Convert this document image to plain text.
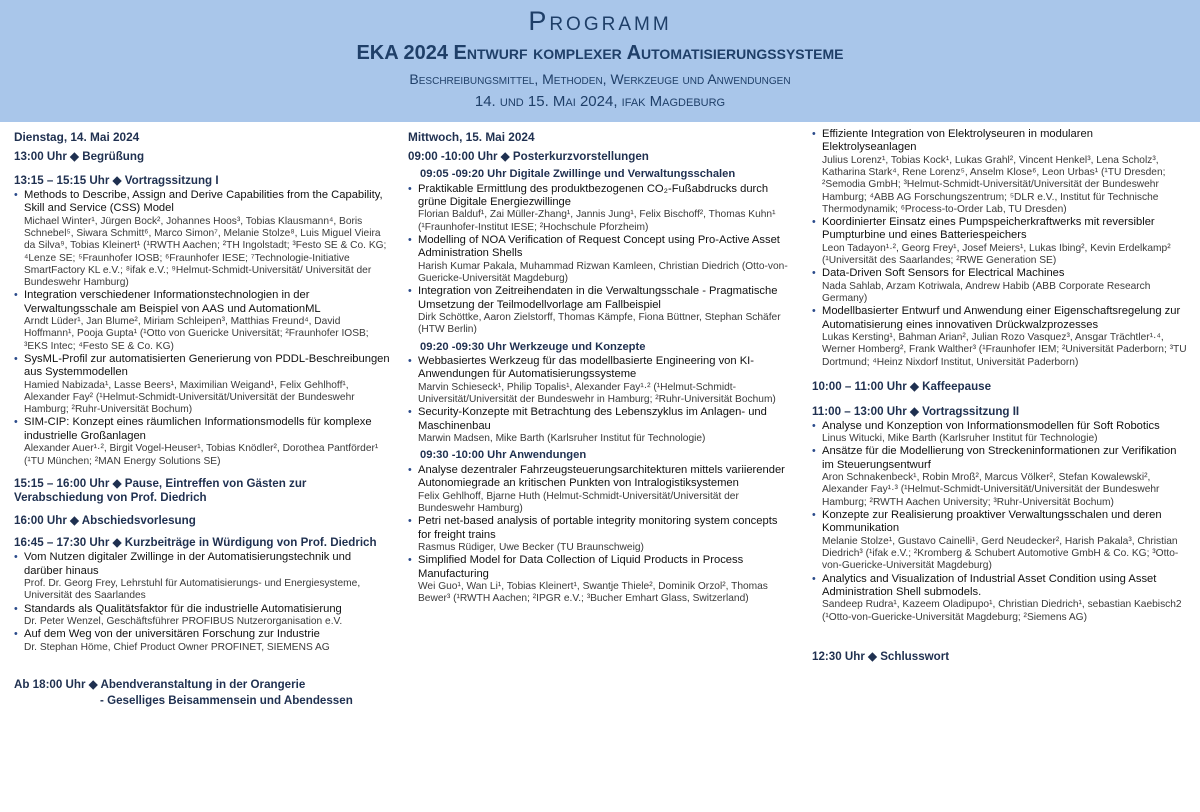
Programm
EKA 2024 Entwurf komplexer Automatisierungssysteme
Beschreibungsmittel, Methoden, Werkzeuge und Anwendungen
14. und 15. Mai 2024, ifak Magdeburg
Dienstag, 14. Mai 2024
13:00 Uhr ◆ Begrüßung
13:15 – 15:15 Uhr ◆ Vortragssitzung I
• Methods to Describe, Assign and Derive Capabilities from the Capability, Skill and Service (CSS) Model
Michael Winter¹, Jürgen Bock², Johannes Hoos³, Tobias Klausmann⁴, Boris Schnebel⁵, Siwara Schmitt⁶, Marco Simon⁷, Melanie Stolze⁸, Luis Miguel Vieira da Silva⁹, Tobias Kleinert¹ (¹RWTH Aachen; ²TH Ingolstadt; ³Festo SE & Co. KG; ⁴Lenze SE; ⁵Fraunhofer IOSB; ⁶Fraunhofer IESE; ⁷Technologie-Initiative SmartFactory KL e.V.; ⁸ifak e.V.; ⁹Helmut-Schmidt-Universität/ Universität der Bundeswehr Hamburg)
• Integration verschiedener Informationstechnologien in der Verwaltungsschale am Beispiel von AAS und AutomationML
Arndt Lüder¹, Jan Blume², Miriam Schleipen³, Matthias Freund⁴, David Hoffmann¹, Pooja Gupta¹ (¹Otto von Guericke Universität; ²Fraunhofer IOSB; ³EKS Intec; ⁴Festo SE & Co. KG)
• SysML-Profil zur automatisierten Generierung von PDDL-Beschreibungen aus Systemmodellen
Hamied Nabizada¹, Lasse Beers¹, Maximilian Weigand¹, Felix Gehlhoff¹, Alexander Fay² (¹Helmut-Schmidt-Universität/Universität der Bundeswehr Hamburg; ²Ruhr-Universität Bochum)
• SIM-CIP: Konzept eines räumlichen Informationsmodells für komplexe industrielle Großanlagen
Alexander Auer¹·², Birgit Vogel-Heuser¹, Tobias Knödler², Dorothea Pantförder¹ (¹TU München; ²MAN Energy Solutions SE)
15:15 – 16:00 Uhr ◆ Pause, Eintreffen von Gästen zur Verabschiedung von Prof. Diedrich
16:00 Uhr ◆ Abschiedsvorlesung
16:45 – 17:30 Uhr ◆ Kurzbeiträge in Würdigung von Prof. Diedrich
• Vom Nutzen digitaler Zwillinge in der Automatisierungstechnik und darüber hinaus
Prof. Dr. Georg Frey, Lehrstuhl für Automatisierungs- und Energiesysteme, Universität des Saarlandes
• Standards als Qualitätsfaktor für die industrielle Automatisierung
Dr. Peter Wenzel, Geschäftsführer PROFIBUS Nutzerorganisation e.V.
• Auf dem Weg von der universitären Forschung zur Industrie
Dr. Stephan Höme, Chief Product Owner PROFINET, SIEMENS AG
Ab 18:00 Uhr ◆ Abendveranstaltung in der Orangerie
- Geselliges Beisammensein und Abendessen
Mittwoch, 15. Mai 2024
09:00 -10:00 Uhr ◆ Posterkurzvorstellungen
09:05 -09:20 Uhr Digitale Zwillinge und Verwaltungsschalen
• Praktikable Ermittlung des produktbezogenen CO₂-Fußabdrucks durch grüne Digitale Energiezwillinge
Florian Balduf¹, Zai Müller-Zhang¹, Jannis Jung¹, Felix Bischoff², Thomas Kuhn¹ (¹Fraunhofer-Institut IESE; ²Hochschule Pforzheim)
• Modelling of NOA Verification of Request Concept using Pro-Active Asset Administration Shells
Harish Kumar Pakala, Muhammad Rizwan Kamleen, Christian Diedrich (Otto-von-Guericke-Universität Magdeburg)
• Integration von Zeitreihendaten in die Verwaltungsschale - Pragmatische Umsetzung der Teilmodellvorlage am Fallbeispiel
Dirk Schöttke, Aaron Zielstorff, Thomas Kämpfe, Fiona Büttner, Stephan Schäfer (HTW Berlin)
09:20 -09:30 Uhr Werkzeuge und Konzepte
• Webbasiertes Werkzeug für das modellbasierte Engineering von KI-Anwendungen für Automatisierungssysteme
Marvin Schieseck¹, Philip Topalis¹, Alexander Fay¹·² (¹Helmut-Schmidt-Universität/Universität der Bundeswehr in Hamburg; ²Ruhr-Universität Bochum)
• Security-Konzepte mit Betrachtung des Lebenszyklus im Anlagen- und Maschinenbau
Marwin Madsen, Mike Barth (Karlsruher Institut für Technologie)
09:30 -10:00 Uhr Anwendungen
• Analyse dezentraler Fahrzeugsteuerungsarchitekturen mittels variierender Autonomiegrade an kritischen Punkten von Intralogistiksystemen
Felix Gehlhoff, Bjarne Huth (Helmut-Schmidt-Universität/Universität der Bundeswehr Hamburg)
• Petri net-based analysis of portable integrity monitoring system concepts for freight trains
Rasmus Rüdiger, Uwe Becker (TU Braunschweig)
• Simplified Model for Data Collection of Liquid Products in Process Manufacturing
Wei Guo¹, Wan Li¹, Tobias Kleinert¹, Swantje Thiele², Dominik Orzol², Thomas Bewer³ (¹RWTH Aachen; ²IPGR e.V.; ³Bucher Emhart Glass, Switzerland)
• Effiziente Integration von Elektrolyseuren in modularen Elektrolyseanlagen
Julius Lorenz¹, Tobias Kock¹, Lukas Grahl², Vincent Henkel³, Lena Scholz³, Katharina Stark⁴, Rene Lorenz⁵, Anselm Klose⁶, Leon Urbas¹ (¹TU Dresden; ²Semodia GmbH; ³Helmut-Schmidt-Universität/Universität der Bundeswehr Hamburg; ⁴ABB AG Forschungszentrum; ⁵DLR e.V., Institut für Technische Thermodynamik; ⁶Process-to-Order Lab, TU Dresden)
• Koordinierter Einsatz eines Pumpspeicherkraftwerks mit reversibler Pumpturbine und eines Batteriespeichers
Leon Tadayon¹·², Georg Frey¹, Josef Meiers¹, Lukas Ibing², Kevin Erdelkamp² (¹Universität des Saarlandes; ²RWE Generation SE)
• Data-Driven Soft Sensors for Electrical Machines
Nada Sahlab, Arzam Kotriwala, Andrew Habib (ABB Corporate Research Germany)
• Modellbasierter Entwurf und Anwendung einer Eigenschaftsregelung zur Automatisierung eines innovativen Drückwalzprozesses
Lukas Kersting¹, Bahman Arian², Julian Rozo Vasquez³, Ansgar Trächtler¹·⁴, Werner Homberg², Frank Walther³ (¹Fraunhofer IEM; ²Universität Paderborn; ³TU Dortmund; ⁴Heinz Nixdorf Institut, Universität Paderborn)
10:00 – 11:00 Uhr ◆ Kaffeepause
11:00 – 13:00 Uhr ◆ Vortragssitzung II
• Analyse und Konzeption von Informationsmodellen für Soft Robotics
Linus Witucki, Mike Barth (Karlsruher Institut für Technologie)
• Ansätze für die Modellierung von Streckeninformationen zur Verifikation im Steuerungsentwurf
Aron Schnakenbeck¹, Robin Mroß², Marcus Völker², Stefan Kowalewski², Alexander Fay¹·³ (¹Helmut-Schmidt-Universität/Universität der Bundeswehr Hamburg; ²RWTH Aachen University; ³Ruhr-Universität Bochum)
• Konzepte zur Realisierung proaktiver Verwaltungsschalen und deren Kommunikation
Melanie Stolze¹, Gustavo Cainelli¹, Gerd Neudecker², Harish Pakala³, Christian Diedrich³ (¹ifak e.V.; ²Kromberg & Schubert Automotive GmbH & Co. KG; ³Otto-von-Guericke-Universität Magdeburg)
• Analytics and Visualization of Industrial Asset Condition using Asset Administration Shell submodels.
Sandeep Rudra¹, Kazeem Oladipupo¹, Christian Diedrich¹, sebastian Kaebisch2 (¹Otto-von-Guericke-Universität Magdeburg; ²Siemens AG)
12:30 Uhr ◆ Schlusswort
